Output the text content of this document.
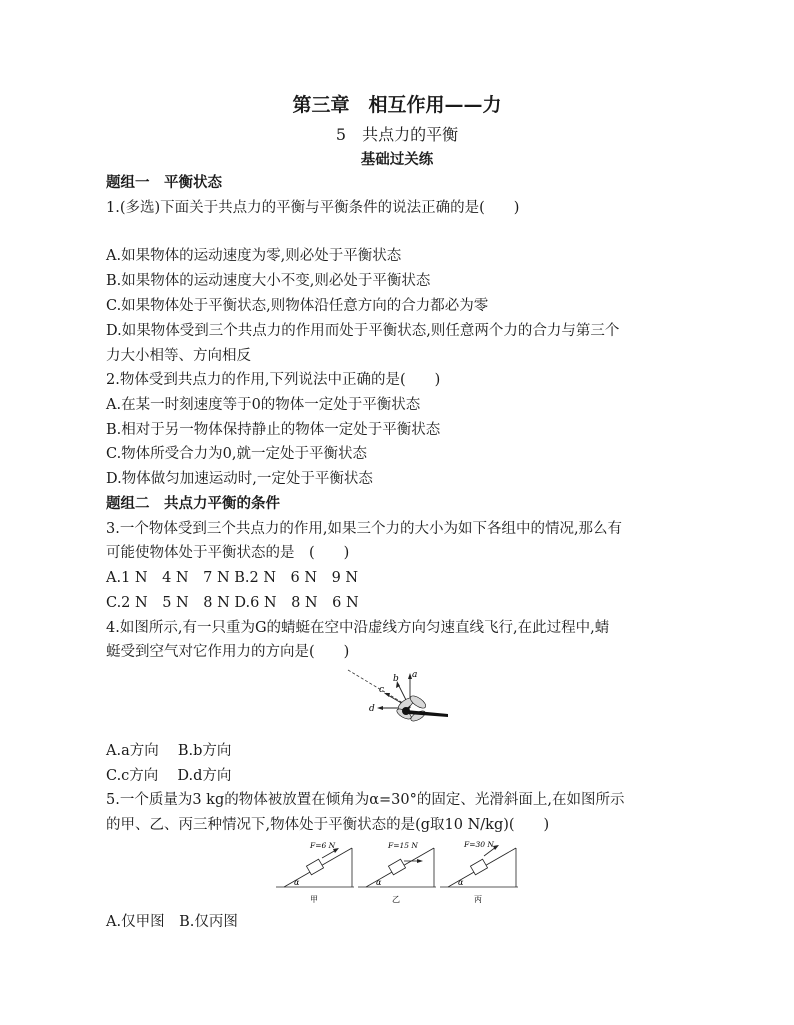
第三章　相互作用——力
5　共点力的平衡
基础过关练
题组一　平衡状态
1.(多选)下面关于共点力的平衡与平衡条件的说法正确的是(　　)
A.如果物体的运动速度为零,则必处于平衡状态
B.如果物体的运动速度大小不变,则必处于平衡状态
C.如果物体处于平衡状态,则物体沿任意方向的合力都必为零
D.如果物体受到三个共点力的作用而处于平衡状态,则任意两个力的合力与第三个
力大小相等、方向相反
2.物体受到共点力的作用,下列说法中正确的是(　　)
A.在某一时刻速度等于0的物体一定处于平衡状态
B.相对于另一物体保持静止的物体一定处于平衡状态
C.物体所受合力为0,就一定处于平衡状态
D.物体做匀加速运动时,一定处于平衡状态
题组二　共点力平衡的条件
3.一个物体受到三个共点力的作用,如果三个力的大小为如下各组中的情况,那么有
可能使物体处于平衡状态的是　(　　)
A.1 N　4 N　7 N B.2 N　6 N　9 N
C.2 N　5 N　8 N D.6 N　8 N　6 N
4.如图所示,有一只重为G的蜻蜓在空中沿虚线方向匀速直线飞行,在此过程中,蜻
蜓受到空气对它作用力的方向是(　　)
a
b
c
d
A.a方向　 B.b方向
C.c方向　 D.d方向
5.一个质量为3 kg的物体被放置在倾角为α=30°的固定、光滑斜面上,在如图所示
的甲、乙、丙三种情况下,物体处于平衡状态的是(g取10 N/kg)(　　)
F=6 N
α
甲
F=15 N
α
乙
F=30 N
α
丙
A.仅甲图　B.仅丙图
